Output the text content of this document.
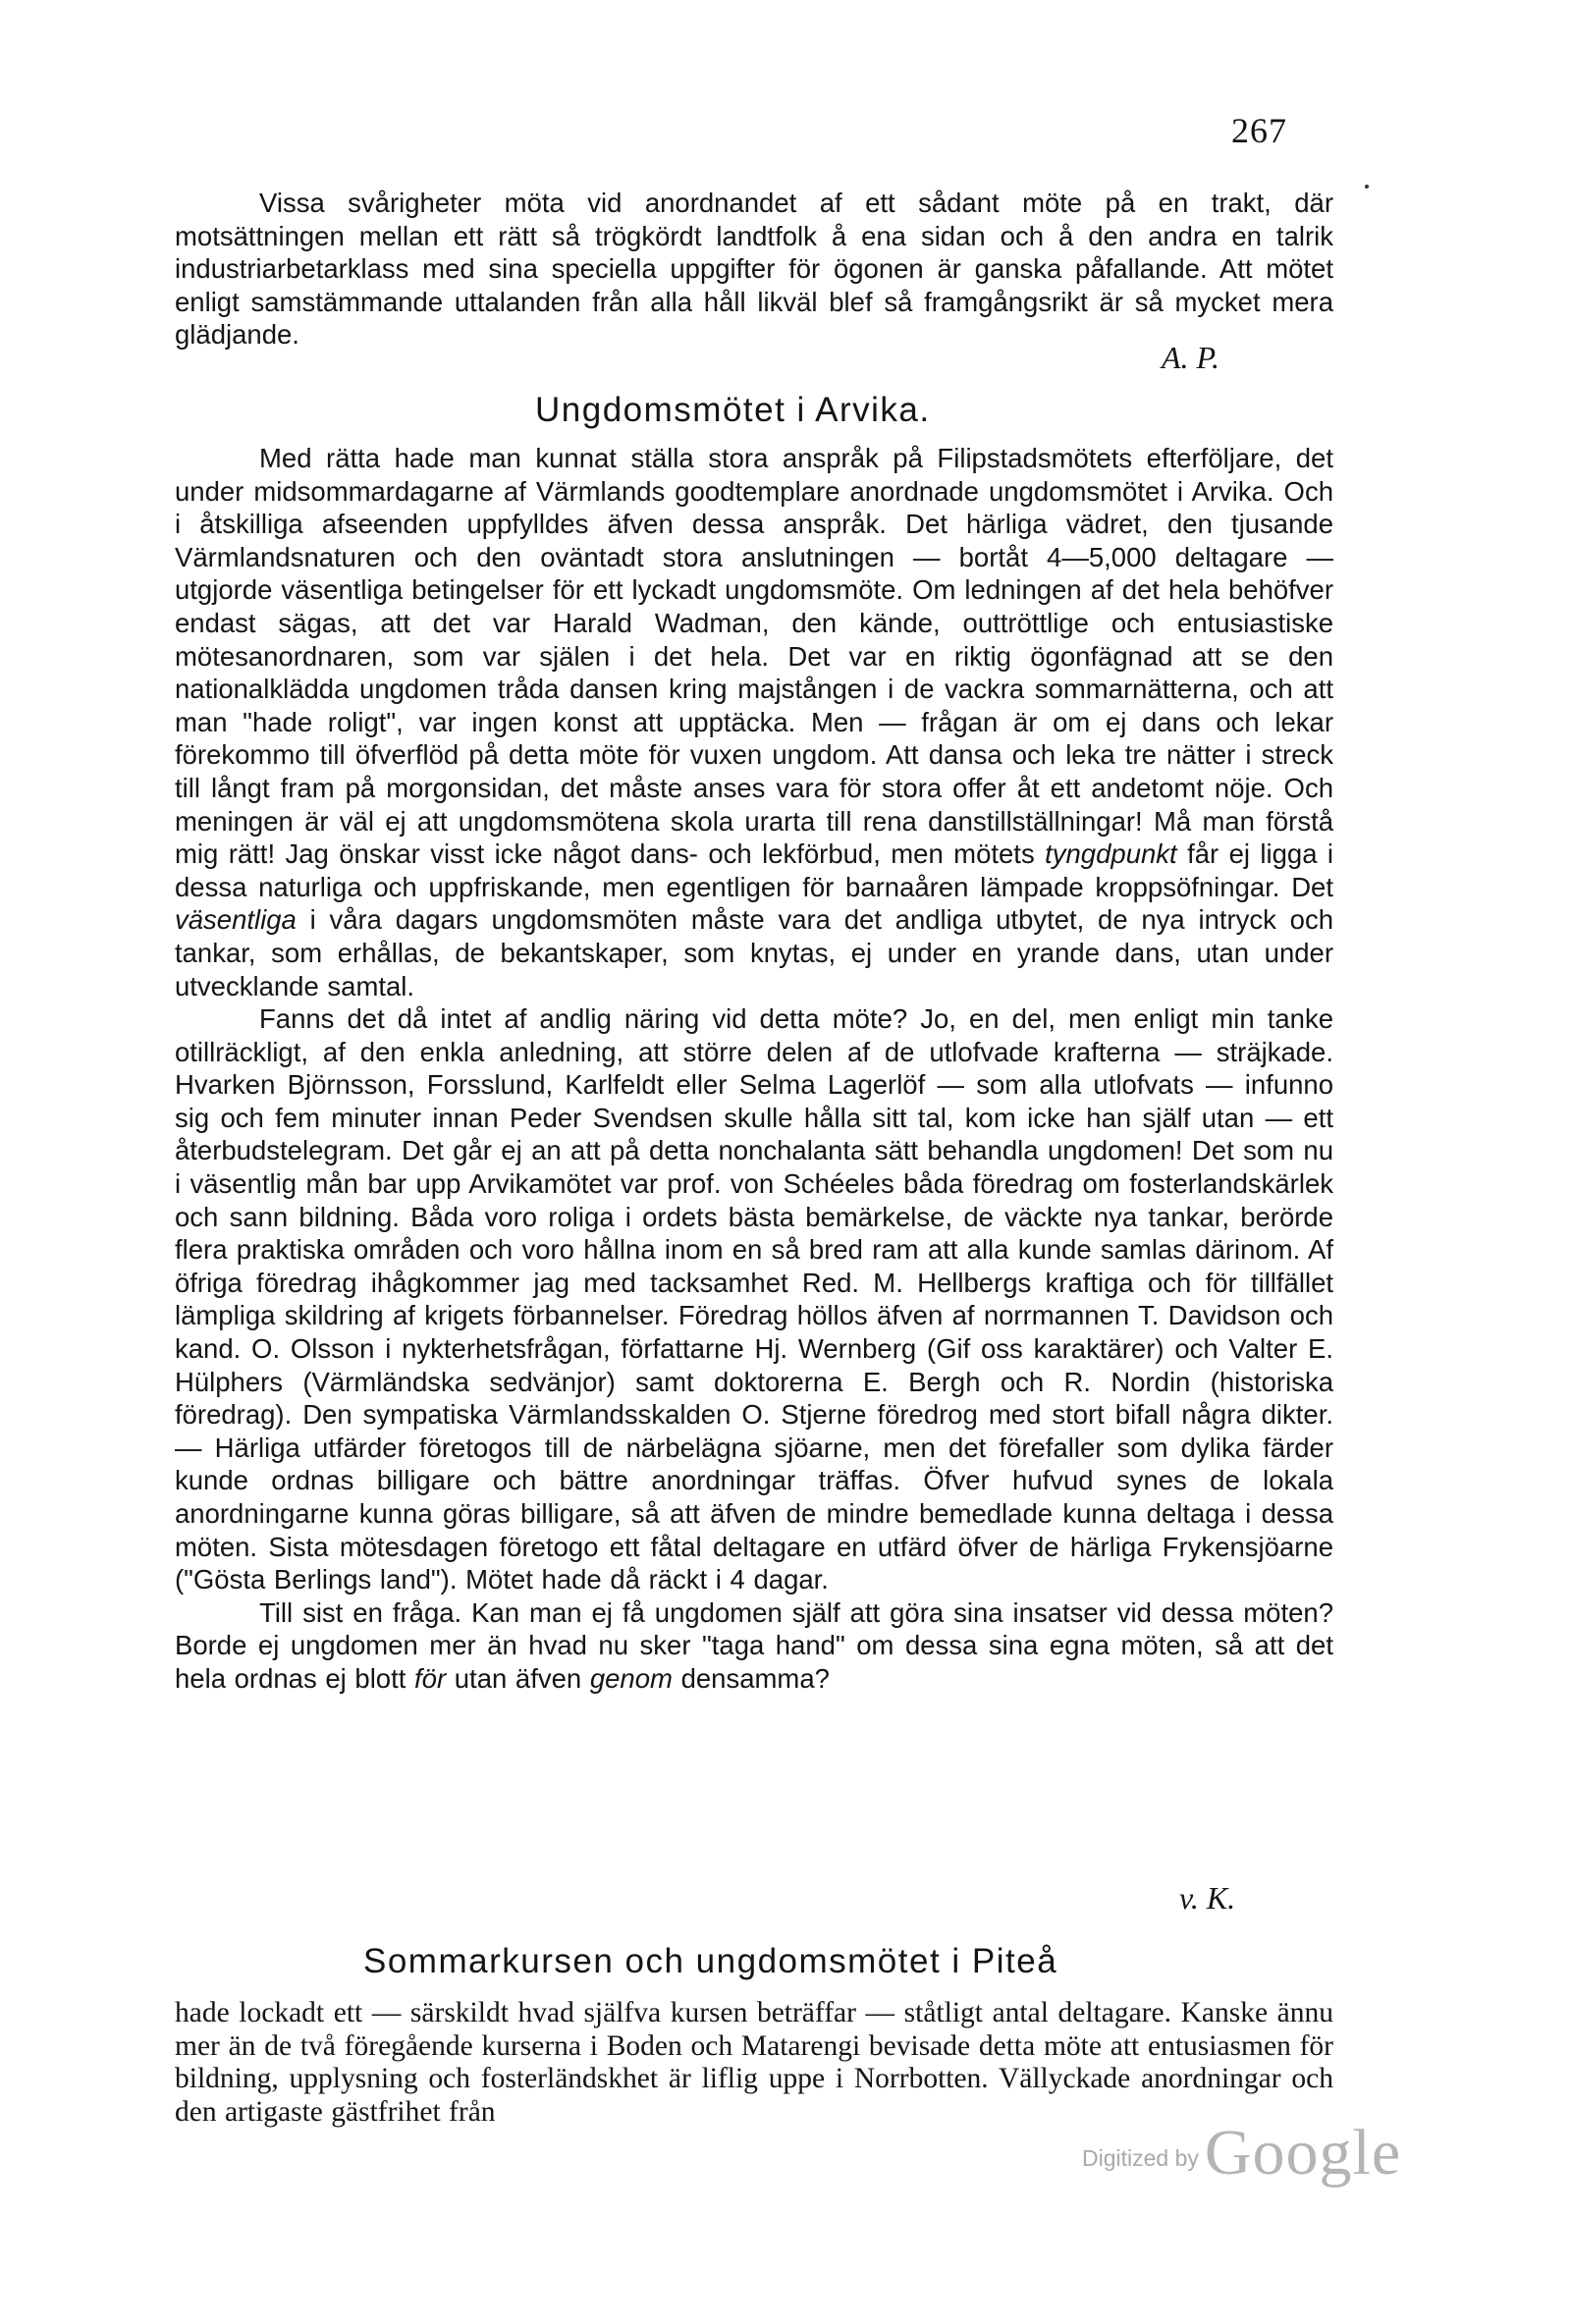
267

Vissa svårigheter möta vid anordnandet af ett sådant möte på en trakt, där motsättningen mellan ett rätt så trögkördt landtfolk å ena sidan och å den andra en talrik industriarbetarklass med sina speciella uppgifter för ögonen är ganska påfallande. Att mötet enligt samstämmande uttalanden från alla håll likväl blef så framgångsrikt är så mycket mera glädjande.

A. P.
Ungdomsmötet i Arvika.

Med rätta hade man kunnat ställa stora anspråk på Filipstadsmötets efterföljare, det under midsommardagarne af Värmlands goodtemplare anordnade ungdomsmötet i Arvika. Och i åtskilliga afseenden uppfylldes äfven dessa anspråk. Det härliga vädret, den tjusande Värmlandsnaturen och den oväntadt stora anslutningen — bortåt 4—5,000 deltagare — utgjorde väsentliga betingelser för ett lyckadt ungdomsmöte. Om ledningen af det hela behöfver endast sägas, att det var Harald Wadman, den kände, outtröttlige och entusiastiske mötesanordnaren, som var själen i det hela. Det var en riktig ögonfägnad att se den nationalklädda ungdomen tråda dansen kring majstången i de vackra sommarnätterna, och att man "hade roligt", var ingen konst att upptäcka. Men — frågan är om ej dans och lekar förekommo till öfverflöd på detta möte för vuxen ungdom. Att dansa och leka tre nätter i streck till långt fram på morgonsidan, det måste anses vara för stora offer åt ett andetomt nöje. Och meningen är väl ej att ungdomsmötena skola urarta till rena danstillställningar! Må man förstå mig rätt! Jag önskar visst icke något dans- och lekförbud, men mötets tyngdpunkt får ej ligga i dessa naturliga och uppfriskande, men egentligen för barnaåren lämpade kroppsöfningar. Det väsentliga i våra dagars ungdomsmöten måste vara det andliga utbytet, de nya intryck och tankar, som erhållas, de bekantskaper, som knytas, ej under en yrande dans, utan under utvecklande samtal.

Fanns det då intet af andlig näring vid detta möte? Jo, en del, men enligt min tanke otillräckligt, af den enkla anledning, att större delen af de utlofvade krafterna — sträjkade. Hvarken Björnsson, Forsslund, Karlfeldt eller Selma Lagerlöf — som alla utlofvats — infunno sig och fem minuter innan Peder Svendsen skulle hålla sitt tal, kom icke han själf utan — ett återbudstelegram. Det går ej an att på detta nonchalanta sätt behandla ungdomen! Det som nu i väsentlig mån bar upp Arvikamötet var prof. von Schéeles båda föredrag om fosterlandskärlek och sann bildning. Båda voro roliga i ordets bästa bemärkelse, de väckte nya tankar, berörde flera praktiska områden och voro hållna inom en så bred ram att alla kunde samlas därinom. Af öfriga föredrag ihågkommer jag med tacksamhet Red. M. Hellbergs kraftiga och för tillfället lämpliga skildring af krigets förbannelser. Föredrag höllos äfven af norrmannen T. Davidson och kand. O. Olsson i nykterhetsfrågan, författarne Hj. Wernberg (Gif oss karaktärer) och Valter E. Hülphers (Värmländska sedvänjor) samt doktorerna E. Bergh och R. Nordin (historiska föredrag). Den sympatiska Värmlandsskalden O. Stjerne föredrog med stort bifall några dikter. — Härliga utfärder företogos till de närbelägna sjöarne, men det förefaller som dylika färder kunde ordnas billigare och bättre anordningar träffas. Öfver hufvud synes de lokala anordningarne kunna göras billigare, så att äfven de mindre bemedlade kunna deltaga i dessa möten. Sista mötesdagen företogo ett fåtal deltagare en utfärd öfver de härliga Frykensjöarne ("Gösta Berlings land"). Mötet hade då räckt i 4 dagar.

Till sist en fråga. Kan man ej få ungdomen själf att göra sina insatser vid dessa möten? Borde ej ungdomen mer än hvad nu sker "taga hand" om dessa sina egna möten, så att det hela ordnas ej blott för utan äfven genom densamma?

v. K.
Sommarkursen och ungdomsmötet i Piteå

hade lockadt ett — särskildt hvad själfva kursen beträffar — ståtligt antal deltagare. Kanske ännu mer än de två föregående kurserna i Boden och Matarengi bevisade detta möte att entusiasmen för bildning, upplysning och fosterländskhet är liflig uppe i Norrbotten. Vällyckade anordningar och den artigaste gästfrihet från

Digitized byGoogle
